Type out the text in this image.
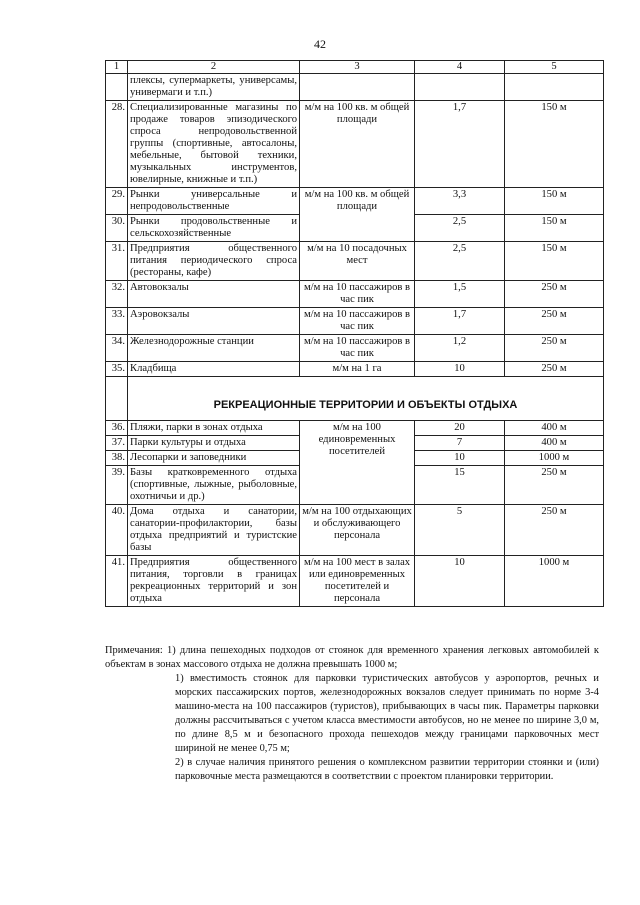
42
1	2	3	4	5
	плексы, супермаркеты, универсамы, универмаги и т.п.)			
28.	Специализированные магазины по продаже товаров эпизодического спроса непродовольственной группы (спортивные, автосалоны, мебельные, бытовой техники, музыкальных инструментов, ювелирные, книжные и т.п.)	м/м на 100 кв. м общей площади	1,7	150 м
29.	Рынки универсальные и непродовольственные	м/м на 100 кв. м общей площади	3,3	150 м
30.	Рынки продовольственные и сельскохозяйственные		2,5	150 м
31.	Предприятия общественного питания периодического спроса (рестораны, кафе)	м/м на 10 посадочных мест	2,5	150 м
32.	Автовокзалы	м/м на 10 пассажиров в час пик	1,5	250 м
33.	Аэровокзалы	м/м на 10 пассажиров в час пик	1,7	250 м
34.	Железнодорожные станции	м/м на 10 пассажиров в час пик	1,2	250 м
35.	Кладбища	м/м на 1 га	10	250 м
	РЕКРЕАЦИОННЫЕ ТЕРРИТОРИИ И ОБЪЕКТЫ ОТДЫХА			
36.	Пляжи, парки в зонах отдыха	м/м на 100 единовременных посетителей	20	400 м
37.	Парки культуры и отдыха		7	400 м
38.	Лесопарки и заповедники		10	1000 м
39.	Базы кратковременного отдыха (спортивные, лыжные, рыболовные, охотничьи и др.)		15	250 м
40.	Дома отдыха и санатории, санатории-профилактории, базы отдыха предприятий и туристские базы	м/м на 100 отдыхающих и обслуживающего персонала	5	250 м
41.	Предприятия общественного питания, торговли в границах рекреационных территорий и зон отдыха	м/м на 100 мест в залах или единовременных посетителей и персонала	10	1000 м

Примечания: 1) длина пешеходных подходов от стоянок для временного хранения легковых автомобилей к объектам в зонах массового отдыха не должна превышать 1000 м;

1) вместимость стоянок для парковки туристических автобусов у аэропортов, речных и морских пассажирских портов, железнодорожных вокзалов следует принимать по норме 3-4 машино-места на 100 пассажиров (туристов), прибывающих в часы пик. Параметры парковки должны рассчитываться с учетом класса вместимости автобусов, но не менее по ширине 3,0 м, по длине 8,5 м и безопасного прохода пешеходов между границами парковочных мест шириной не менее 0,75 м;

2) в случае наличия принятого решения о комплексном развитии территории стоянки и (или) парковочные места размещаются в соответствии с проектом планировки территории.
